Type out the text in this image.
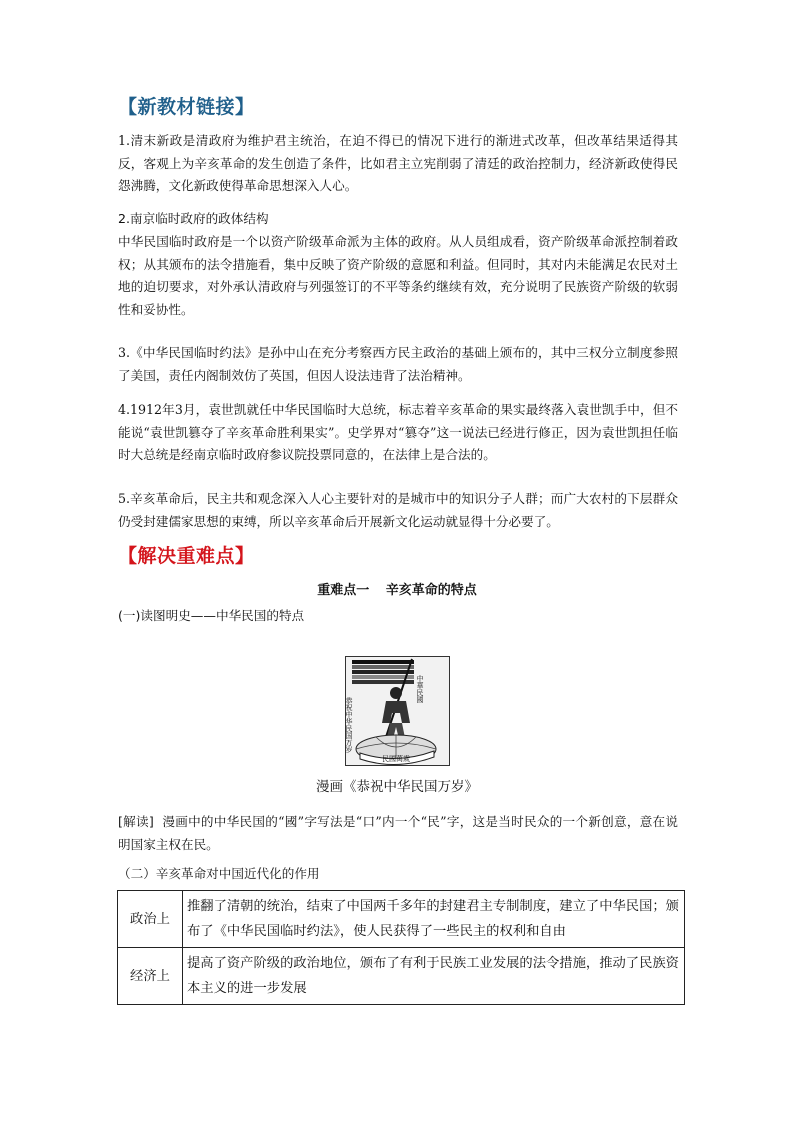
【新教材链接】
1.清末新政是清政府为维护君主统治，在迫不得已的情况下进行的渐进式改革，但改革结果适得其反，客观上为辛亥革命的发生创造了条件，比如君主立宪削弱了清廷的政治控制力，经济新政使得民怨沸腾，文化新政使得革命思想深入人心。
2.南京临时政府的政体结构
中华民国临时政府是一个以资产阶级革命派为主体的政府。从人员组成看，资产阶级革命派控制着政权；从其颁布的法令措施看，集中反映了资产阶级的意愿和利益。但同时，其对内未能满足农民对土地的迫切要求，对外承认清政府与列强签订的不平等条约继续有效，充分说明了民族资产阶级的软弱性和妥协性。
3.《中华民国临时约法》是孙中山在充分考察西方民主政治的基础上颁布的，其中三权分立制度参照了美国，责任内阁制效仿了英国，但因人设法违背了法治精神。
4.1912年3月，袁世凯就任中华民国临时大总统，标志着辛亥革命的果实最终落入袁世凯手中，但不能说“袁世凯篡夺了辛亥革命胜利果实”。史学界对“篡夺”这一说法已经进行修正，因为袁世凯担任临时大总统是经南京临时政府参议院投票同意的，在法律上是合法的。
5.辛亥革命后，民主共和观念深入人心主要针对的是城市中的知识分子人群；而广大农村的下层群众仍受封建儒家思想的束缚，所以辛亥革命后开展新文化运动就显得十分必要了。
【解决重难点】
重难点一 辛亥革命的特点
(一)读图明史——中华民国的特点
民國萬歲
恭祝中华民国万岁
中華民國
漫画《恭祝中华民国万岁》
[解读] 漫画中的中华民国的“國”字写法是“口”内一个“民”字，这是当时民众的一个新创意，意在说明国家主权在民。
（二）辛亥革命对中国近代化的作用
政治上	推翻了清朝的统治，结束了中国两千多年的封建君主专制制度，建立了中华民国；颁布了《中华民国临时约法》，使人民获得了一些民主的权利和自由
经济上	提高了资产阶级的政治地位，颁布了有利于民族工业发展的法令措施，推动了民族资本主义的进一步发展
